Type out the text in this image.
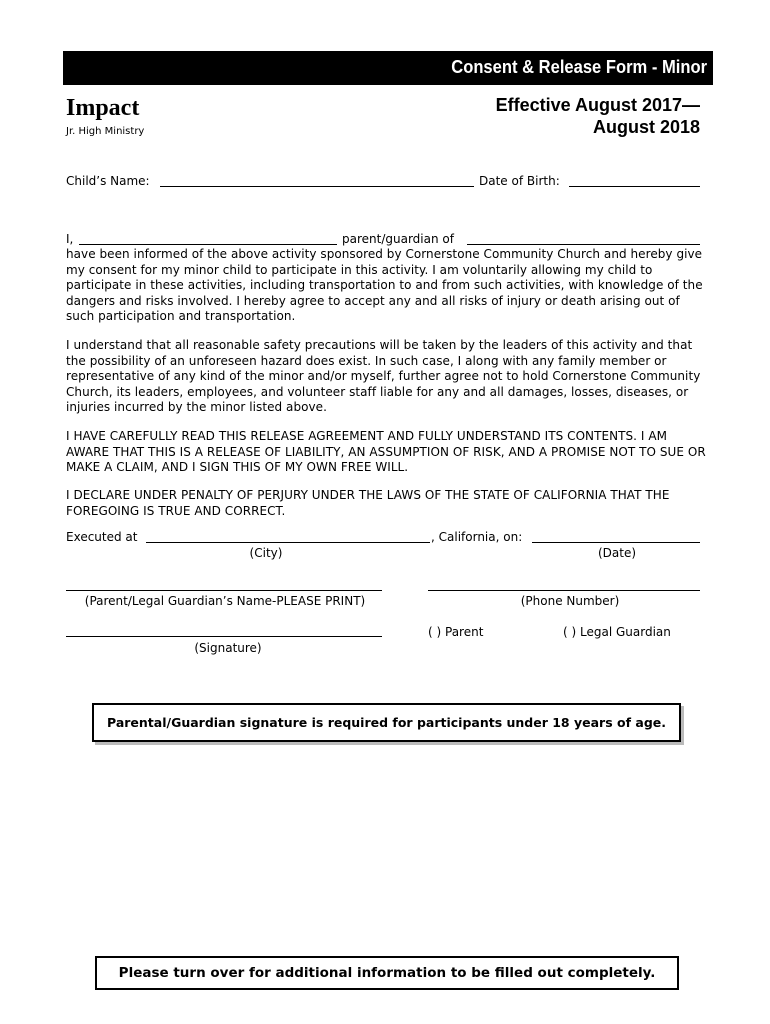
Consent & Release Form - Minor
Impact
Jr. High Ministry
Effective August 2017—
August 2018
Child’s Name:	Date of Birth:
I,	parent/guardian of
have been informed of the above activity sponsored by Cornerstone Community Church and hereby give my consent for my minor child to participate in this activity. I am voluntarily allowing my child to participate in these activities, including transportation to and from such activities, with knowledge of the dangers and risks involved. I hereby agree to accept any and all risks of injury or death arising out of such participation and transportation.
I understand that all reasonable safety precautions will be taken by the leaders of this activity and that the possibility of an unforeseen hazard does exist. In such case, I along with any family member or representative of any kind of the minor and/or myself, further agree not to hold Cornerstone Community Church, its leaders, employees, and volunteer staff liable for any and all damages, losses, diseases, or injuries incurred by the minor listed above.
I HAVE CAREFULLY READ THIS RELEASE AGREEMENT AND FULLY UNDERSTAND ITS CONTENTS. I AM AWARE THAT THIS IS A RELEASE OF LIABILITY, AN ASSUMPTION OF RISK, AND A PROMISE NOT TO SUE OR MAKE A CLAIM, AND I SIGN THIS OF MY OWN FREE WILL.
I DECLARE UNDER PENALTY OF PERJURY UNDER THE LAWS OF THE STATE OF CALIFORNIA THAT THE FOREGOING IS TRUE AND CORRECT.
Executed at	, California, on:
(City)	(Date)
(Parent/Legal Guardian’s Name-PLEASE PRINT)	(Phone Number)
( ) Parent	( ) Legal Guardian
(Signature)
Parental/Guardian signature is required for participants under 18 years of age.
Please turn over for additional information to be filled out completely.
